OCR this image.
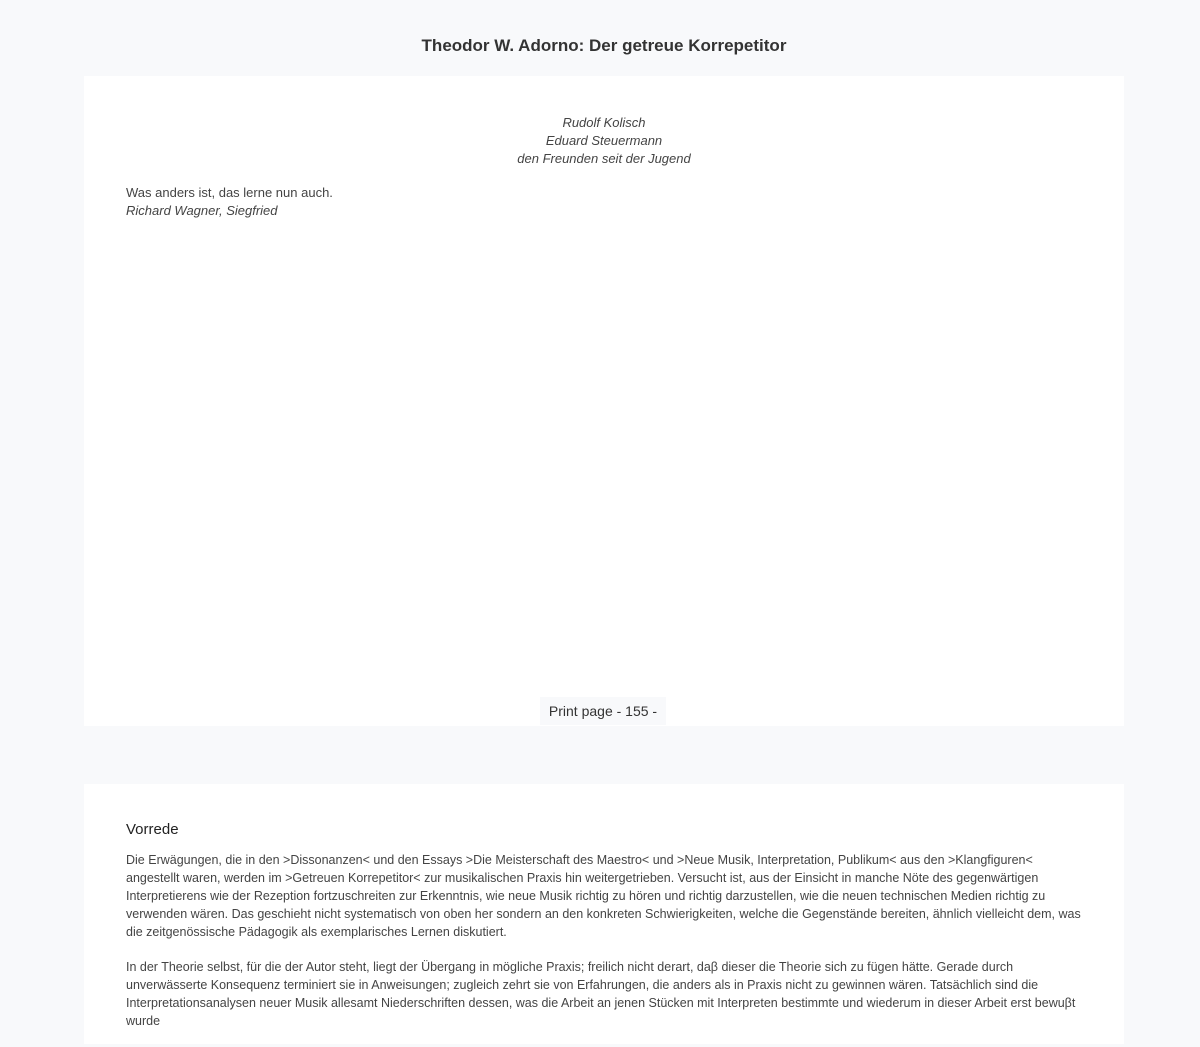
Theodor W. Adorno: Der getreue Korrepetitor
Rudolf Kolisch
Eduard Steuermann
den Freunden seit der Jugend
Was anders ist, das lerne nun auch.
Richard Wagner, Siegfried
Print page - 155 -
Vorrede

Die Erwägungen, die in den >Dissonanzen< und den Essays >Die Meisterschaft des Maestro< und >Neue Musik, Interpretation, Publikum< aus den >Klangfiguren< angestellt waren, werden im >Getreuen Korrepetitor< zur musikalischen Praxis hin weitergetrieben. Versucht ist, aus der Einsicht in manche Nöte des gegenwärtigen Interpretierens wie der Rezeption fortzuschreiten zur Erkenntnis, wie neue Musik richtig zu hören und richtig darzustellen, wie die neuen technischen Medien richtig zu verwenden wären. Das geschieht nicht systematisch von oben her sondern an den konkreten Schwierigkeiten, welche die Gegenstände bereiten, ähnlich vielleicht dem, was die zeitgenössische Pädagogik als exemplarisches Lernen diskutiert.

In der Theorie selbst, für die der Autor steht, liegt der Übergang in mögliche Praxis; freilich nicht derart, daβ dieser die Theorie sich zu fügen hätte. Gerade durch unverwässerte Konsequenz terminiert sie in Anweisungen; zugleich zehrt sie von Erfahrungen, die anders als in Praxis nicht zu gewinnen wären. Tatsächlich sind die Interpretationsanalysen neuer Musik allesamt Niederschriften dessen, was die Arbeit an jenen Stücken mit Interpreten bestimmte und wiederum in dieser Arbeit erst bewuβt wurde
